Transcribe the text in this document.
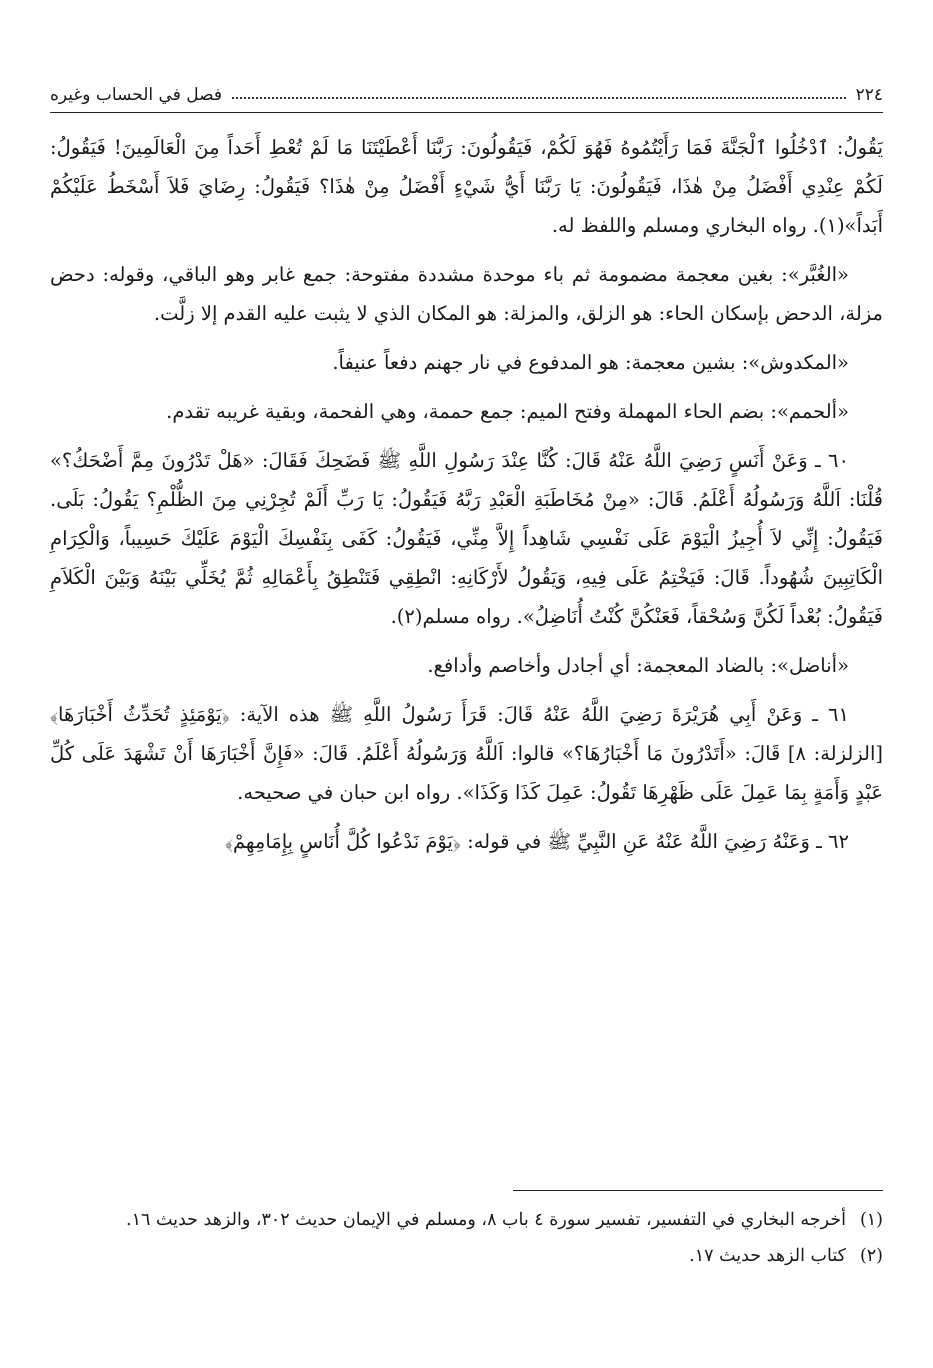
٢٢٤
فصل في الحساب وغيره

يَقُولُ: ٱدْخُلُوا ٱلْجَنَّةَ فَمَا رَأَيْتُمُوهُ فَهُوَ لَكُمْ، فَيَقُولُونَ: رَبَّنَا أَعْطَيْتَنَا مَا لَمْ تُعْطِ أَحَداً مِنَ الْعَالَمِينَ! فَيَقُولُ: لَكُمْ عِنْدِي أَفْضَلُ مِنْ هٰذَا، فَيَقُولُونَ: يَا رَبَّنَا أَيُّ شَيْءٍ أَفْضَلُ مِنْ هٰذَا؟ فَيَقُولُ: رِضَايَ فَلاَ أَسْخَطُ عَلَيْكُمْ أَبَداً»(١). رواه البخاري ومسلم واللفظ له.

«الغُبَّر»: بغين معجمة مضمومة ثم باء موحدة مشددة مفتوحة: جمع غابر وهو الباقي، وقوله: دحض مزلة، الدحض بإسكان الحاء: هو الزلق، والمزلة: هو المكان الذي لا يثبت عليه القدم إلا زلَّت.

«المكدوش»: بشين معجمة: هو المدفوع في نار جهنم دفعاً عنيفاً.

«ألحمم»: بضم الحاء المهملة وفتح الميم: جمع حممة، وهي الفحمة، وبقية غريبه تقدم.

٦٠ ـ وَعَنْ أَنَسٍ رَضِيَ اللَّهُ عَنْهُ قَالَ: كُنَّا عِنْدَ رَسُولِ اللَّهِ ﷺ فَضَحِكَ فَقَالَ: «هَلْ تَدْرُونَ مِمَّ أَضْحَكُ؟» قُلْنَا: اَللَّهُ وَرَسُولُهُ أَعْلَمُ. قَالَ: «مِنْ مُخَاطَبَةِ الْعَبْدِ رَبَّهُ فَيَقُولُ: يَا رَبِّ أَلَمْ تُجِرْنِي مِنَ الظُّلْمِ؟ يَقُولُ: بَلَى. فَيَقُولُ: إِنِّي لاَ أُجِيزُ الْيَوْمَ عَلَى نَفْسِي شَاهِداً إِلاَّ مِنِّي، فَيَقُولُ: كَفَى بِنَفْسِكَ الْيَوْمَ عَلَيْكَ حَسِيباً، وَالْكِرَامِ الْكَاتِبِينَ شُهُوداً. قَالَ: فَيَخْتِمُ عَلَى فِيهِ، وَيَقُولُ لأَرْكَانِهِ: انْطِقِي فَتَنْطِقُ بِأَعْمَالِهِ ثُمَّ يُخَلِّي بَيْنَهُ وَبَيْنَ الْكَلاَمِ فَيَقُولُ: بُعْداً لَكُنَّ وَسُحْقاً، فَعَنْكُنَّ كُنْتُ أُنَاضِلُ». رواه مسلم(٢).

«أناضل»: بالضاد المعجمة: أي أجادل وأخاصم وأدافع.

٦١ ـ وَعَنْ أَبِي هُرَيْرَةَ رَضِيَ اللَّهُ عَنْهُ قَالَ: قَرَأَ رَسُولُ اللَّهِ ﷺ هذه الآية: ﴿يَوْمَئِذٍ تُحَدِّثُ أَخْبَارَهَا﴾ [الزلزلة: ٨] قَالَ: «أَتَدْرُونَ مَا أَخْبَارُهَا؟» قالوا: اَللَّهُ وَرَسُولُهُ أَعْلَمُ. قَالَ: «فَإِنَّ أَخْبَارَهَا أَنْ تَشْهَدَ عَلَى كُلِّ عَبْدٍ وَأَمَةٍ بِمَا عَمِلَ عَلَى ظَهْرِهَا تَقُولُ: عَمِلَ كَذَا وَكَذَا». رواه ابن حبان في صحيحه.

٦٢ ـ وَعَنْهُ رَضِيَ اللَّهُ عَنْهُ عَنِ النَّبِيِّ ﷺ في قوله: ﴿يَوْمَ نَدْعُوا كُلَّ أُنَاسٍ بِإِمَامِهِمْ﴾

(١)
أخرجه البخاري في التفسير، تفسير سورة ٤ باب ٨، ومسلم في الإيمان حديث ٣٠٢، والزهد حديث ١٦.
(٢)
كتاب الزهد حديث ١٧.
